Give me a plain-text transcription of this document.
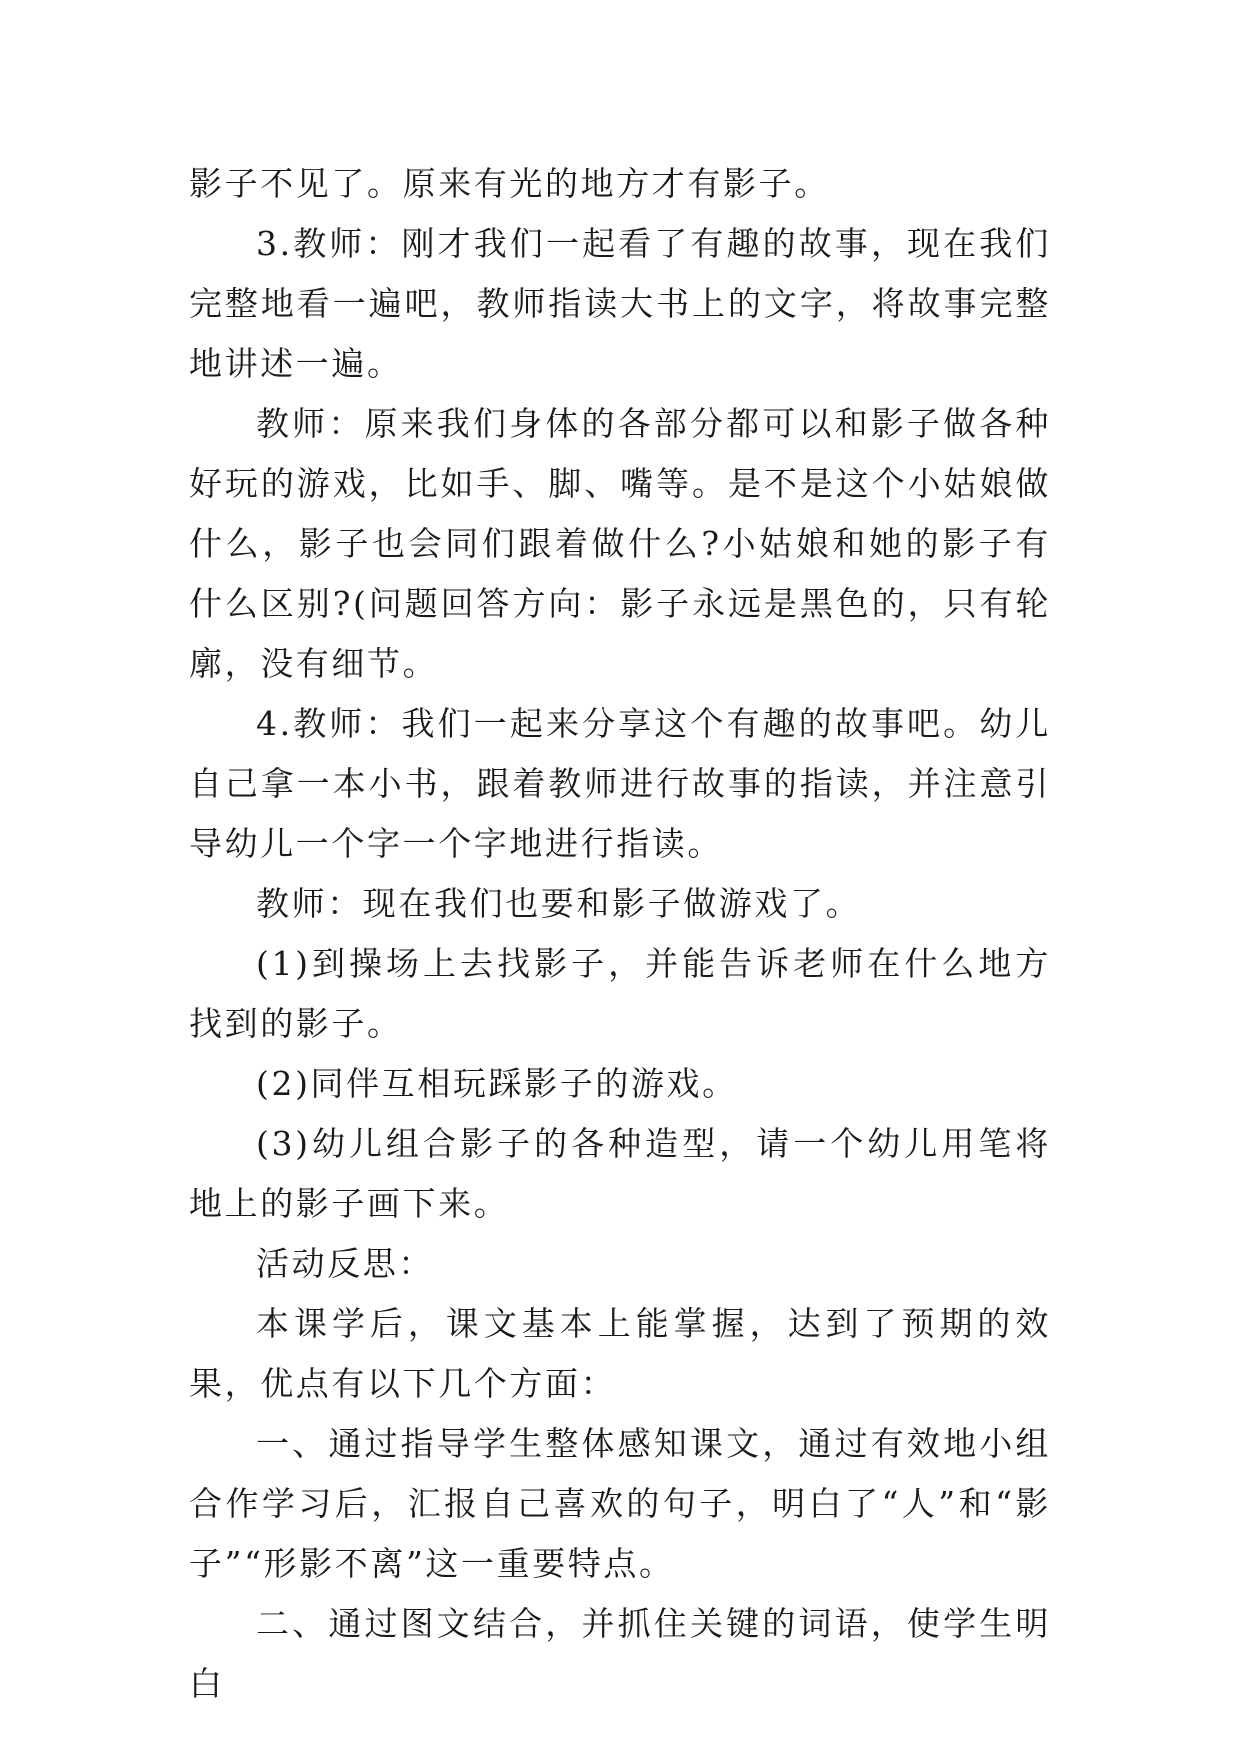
影子不见了。原来有光的地方才有影子。

3.教师：刚才我们一起看了有趣的故事，现在我们完整地看一遍吧，教师指读大书上的文字，将故事完整地讲述一遍。

教师：原来我们身体的各部分都可以和影子做各种好玩的游戏，比如手、脚、嘴等。是不是这个小姑娘做什么，影子也会同们跟着做什么?小姑娘和她的影子有什么区别?(问题回答方向：影子永远是黑色的，只有轮廓，没有细节。

4.教师：我们一起来分享这个有趣的故事吧。幼儿自己拿一本小书，跟着教师进行故事的指读，并注意引导幼儿一个字一个字地进行指读。

教师：现在我们也要和影子做游戏了。

(1)到操场上去找影子，并能告诉老师在什么地方找到的影子。

(2)同伴互相玩踩影子的游戏。

(3)幼儿组合影子的各种造型，请一个幼儿用笔将地上的影子画下来。

活动反思：

本课学后，课文基本上能掌握，达到了预期的效果，优点有以下几个方面：

一、通过指导学生整体感知课文，通过有效地小组合作学习后，汇报自己喜欢的句子，明白了“人”和“影子”“形影不离”这一重要特点。

二、通过图文结合，并抓住关键的词语，使学生明白
